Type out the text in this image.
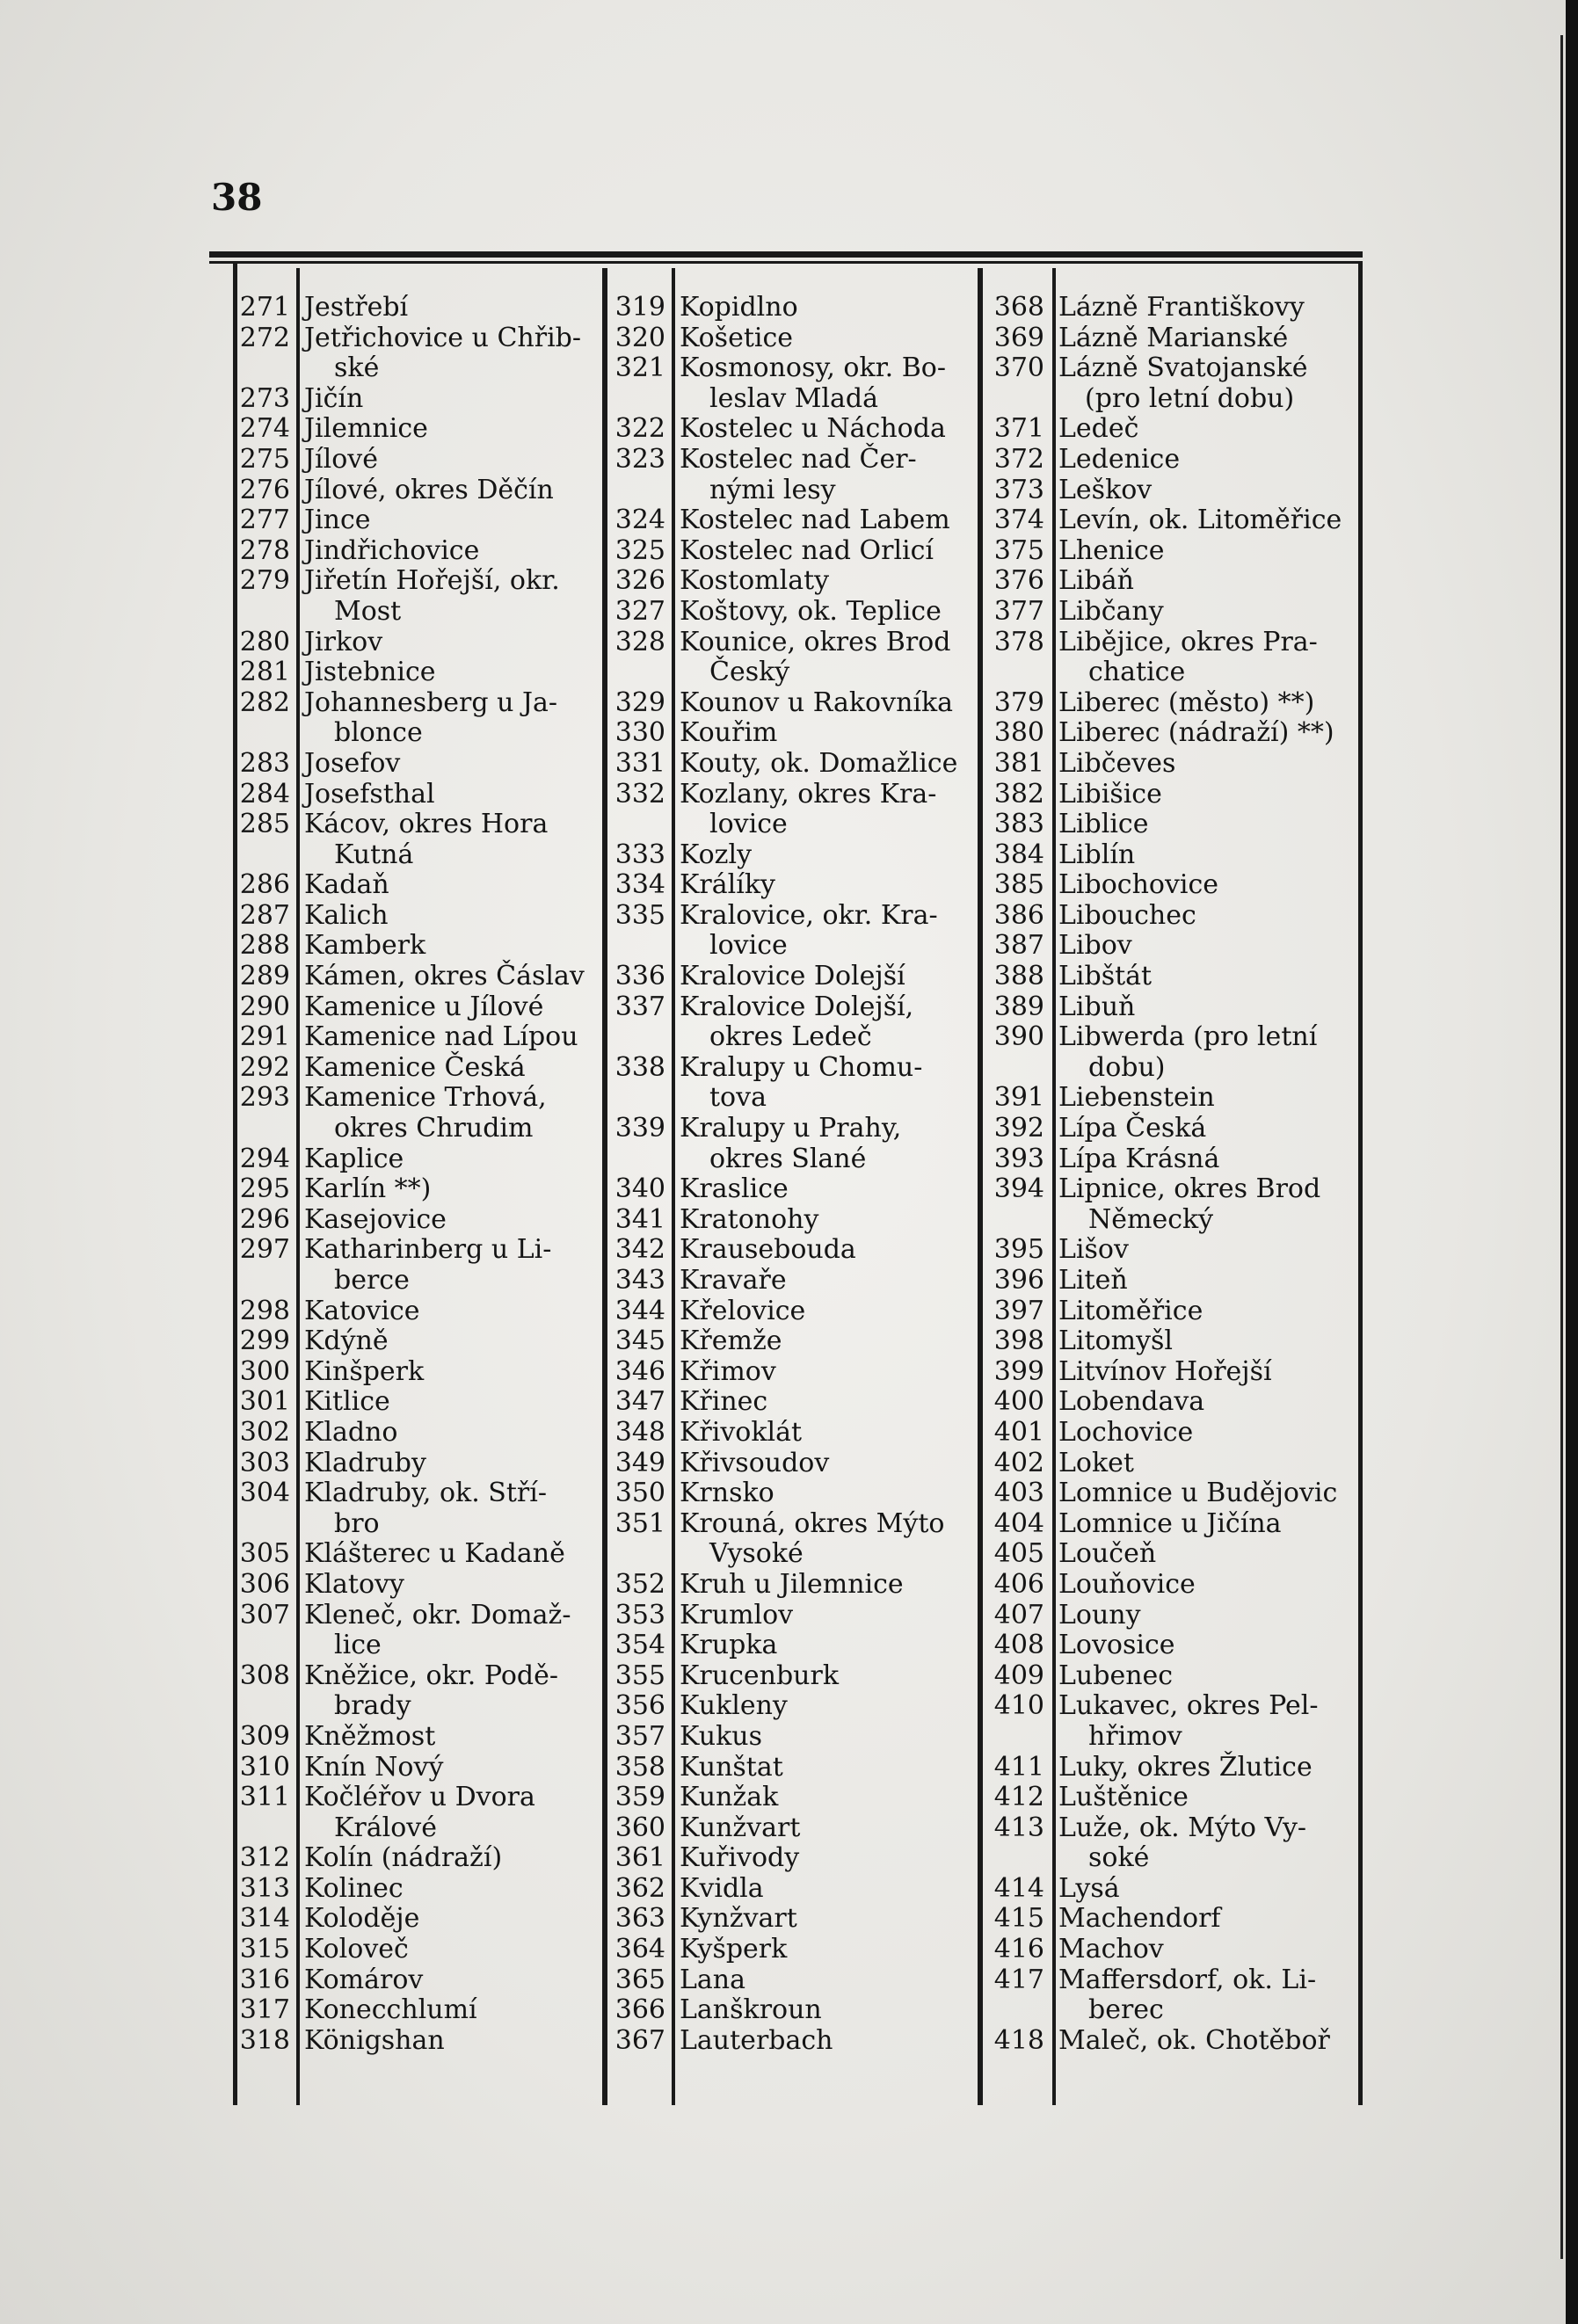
38
271 Jestřebí
272 Jetřichovice u Chřib-
ské
273 Jičín
274 Jilemnice
275 Jílové
276 Jílové, okres Děčín
277 Jince
278 Jindřichovice
279 Jiřetín Hořejší, okr.
Most
280 Jirkov
281 Jistebnice
282 Johannesberg u Ja-
blonce
283 Josefov
284 Josefsthal
285 Kácov, okres Hora
Kutná
286 Kadaň
287 Kalich
288 Kamberk
289 Kámen, okres Čáslav
290 Kamenice u Jílové
291 Kamenice nad Lípou
292 Kamenice Česká
293 Kamenice Trhová,
okres Chrudim
294 Kaplice
295 Karlín **)
296 Kasejovice
297 Katharinberg u Li-
berce
298 Katovice
299 Kdýně
300 Kinšperk
301 Kitlice
302 Kladno
303 Kladruby
304 Kladruby, ok. Stří-
bro
305 Klášterec u Kadaně
306 Klatovy
307 Kleneč, okr. Domaž-
lice
308 Kněžice, okr. Podě-
brady
309 Kněžmost
310 Knín Nový
311 Kočléřov u Dvora
Králové
312 Kolín (nádraží)
313 Kolinec
314 Koloděje
315 Koloveč
316 Komárov
317 Konecchlumí
318 Königshan
319 Kopidlno
320 Košetice
321 Kosmonosy, okr. Bo-
leslav Mladá
322 Kostelec u Náchoda
323 Kostelec nad Čer-
nými lesy
324 Kostelec nad Labem
325 Kostelec nad Orlicí
326 Kostomlaty
327 Koštovy, ok. Teplice
328 Kounice, okres Brod
Český
329 Kounov u Rakovníka
330 Kouřim
331 Kouty, ok. Domažlice
332 Kozlany, okres Kra-
lovice
333 Kozly
334 Králíky
335 Kralovice, okr. Kra-
lovice
336 Kralovice Dolejší
337 Kralovice Dolejší,
okres Ledeč
338 Kralupy u Chomu-
tova
339 Kralupy u Prahy,
okres Slané
340 Kraslice
341 Kratonohy
342 Krausebouda
343 Kravaře
344 Křelovice
345 Křemže
346 Křimov
347 Křinec
348 Křivoklát
349 Křivsoudov
350 Krnsko
351 Krouná, okres Mýto
Vysoké
352 Kruh u Jilemnice
353 Krumlov
354 Krupka
355 Krucenburk
356 Kukleny
357 Kukus
358 Kunštat
359 Kunžak
360 Kunžvart
361 Kuřivody
362 Kvidla
363 Kynžvart
364 Kyšperk
365 Lana
366 Lanškroun
367 Lauterbach
368 Lázně Františkovy
369 Lázně Marianské
370 Lázně Svatojanské
(pro letní dobu)
371 Ledeč
372 Ledenice
373 Leškov
374 Levín, ok. Litoměřice
375 Lhenice
376 Libáň
377 Libčany
378 Liběјice, okres Pra-
chatice
379 Liberec (město) **)
380 Liberec (nádraží) **)
381 Libčeves
382 Libišice
383 Liblice
384 Liblín
385 Libochovice
386 Libouchec
387 Libov
388 Libštát
389 Libuň
390 Libwerda (pro letní
dobu)
391 Liebenstein
392 Lípa Česká
393 Lípa Krásná
394 Lipnice, okres Brod
Německý
395 Lišov
396 Liteň
397 Litoměřice
398 Litomyšl
399 Litvínov Hořejší
400 Lobendava
401 Lochovice
402 Loket
403 Lomnice u Budějovic
404 Lomnice u Jičína
405 Loučeň
406 Louňovice
407 Louny
408 Lovosice
409 Lubenec
410 Lukavec, okres Pel-
hřimov
411 Luky, okres Žlutice
412 Luštěnice
413 Luže, ok. Mýto Vy-
soké
414 Lysá
415 Machendorf
416 Machov
417 Maffersdorf, ok. Li-
berec
418 Maleč, ok. Chotěboř
